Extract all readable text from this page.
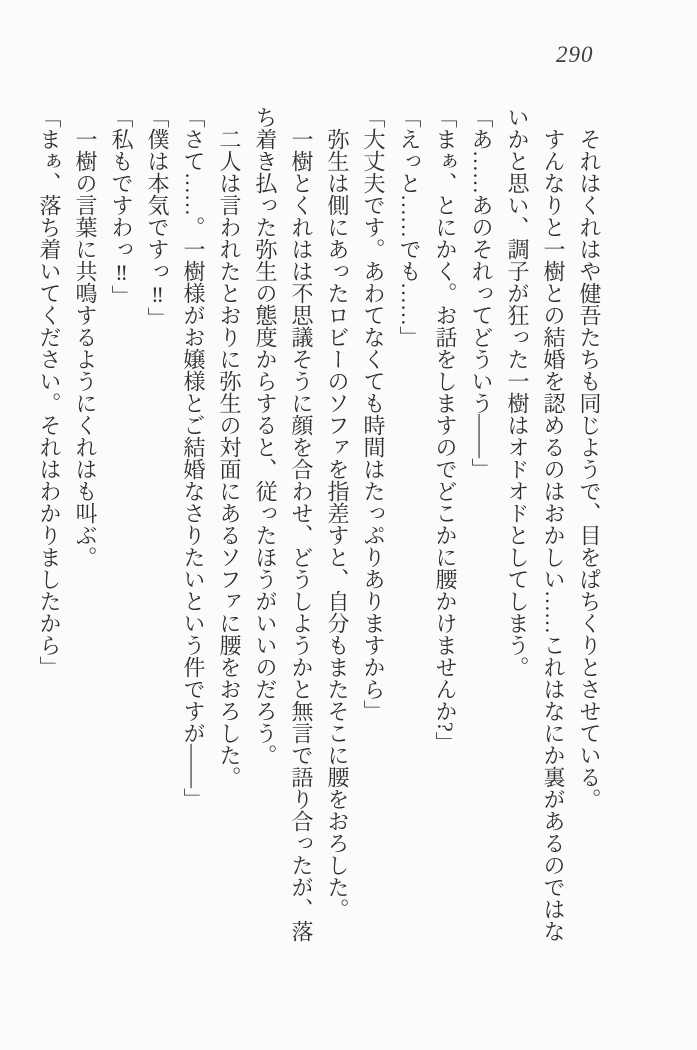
290

それはくれはや健吾たちも同じようで、目をぱちくりとさせている。

すんなりと一樹との結婚を認めるのはおかしい……これはなにか裏があるのではないかと思い、調子が狂った一樹はオドオドとしてしまう。

「あ……あのそれってどういう――」

「まぁ、とにかく。お話をしますのでどこかに腰かけませんか?」

「えっと……でも……」

「大丈夫です。あわてなくても時間はたっぷりありますから」

弥生は側にあったロビーのソファを指差すと、自分もまたそこに腰をおろした。

一樹とくれはは不思議そうに顔を合わせ、どうしようかと無言で語り合ったが、落ち着き払った弥生の態度からすると、従ったほうがいいのだろう。

二人は言われたとおりに弥生の対面にあるソファに腰をおろした。

「さて……。一樹様がお嬢様とご結婚なさりたいという件ですが――」

「僕は本気ですっ‼」

「私もですわっ‼」

一樹の言葉に共鳴するようにくれはも叫ぶ。

「まぁ、落ち着いてください。それはわかりましたから」
